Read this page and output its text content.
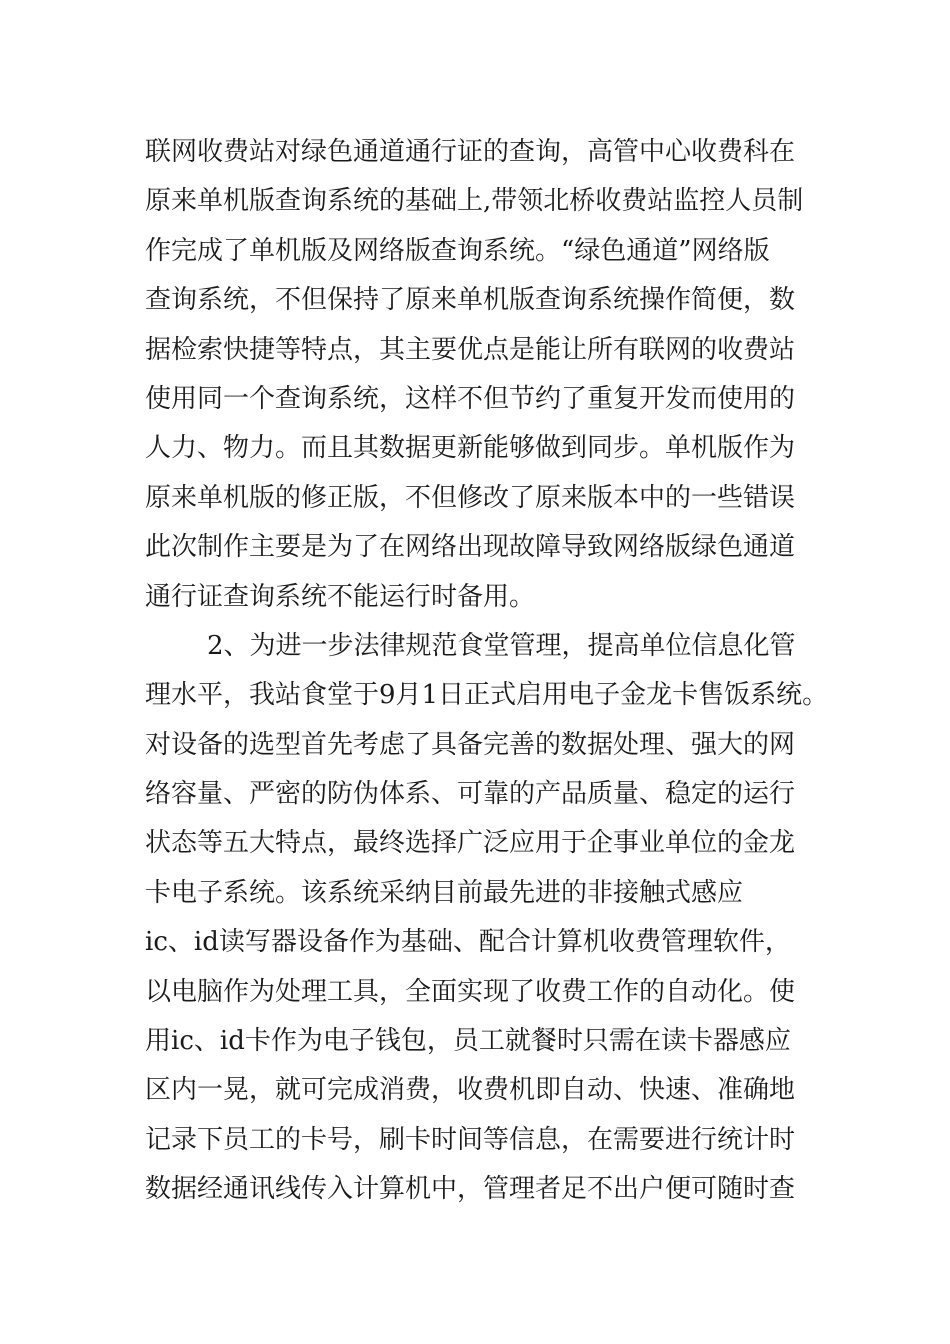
联网收费站对绿色通道通行证的查询，高管中心收费科在
原来单机版查询系统的基础上,带领北桥收费站监控人员制
作完成了单机版及网络版查询系统。“绿色通道”网络版
查询系统，不但保持了原来单机版查询系统操作简便，数
据检索快捷等特点，其主要优点是能让所有联网的收费站
使用同一个查询系统，这样不但节约了重复开发而使用的
人力、物力。而且其数据更新能够做到同步。单机版作为
原来单机版的修正版，不但修改了原来版本中的一些错误
此次制作主要是为了在网络出现故障导致网络版绿色通道
通行证查询系统不能运行时备用。
2、为进一步法律规范食堂管理，提高单位信息化管
理水平，我站食堂于9月1日正式启用电子金龙卡售饭系统。
对设备的选型首先考虑了具备完善的数据处理、强大的网
络容量、严密的防伪体系、可靠的产品质量、稳定的运行
状态等五大特点，最终选择广泛应用于企事业单位的金龙
卡电子系统。该系统采纳目前最先进的非接触式感应
ic、id读写器设备作为基础、配合计算机收费管理软件，
以电脑作为处理工具，全面实现了收费工作的自动化。使
用ic、id卡作为电子钱包，员工就餐时只需在读卡器感应
区内一晃，就可完成消费，收费机即自动、快速、准确地
记录下员工的卡号，刷卡时间等信息，在需要进行统计时
数据经通讯线传入计算机中，管理者足不出户便可随时查
